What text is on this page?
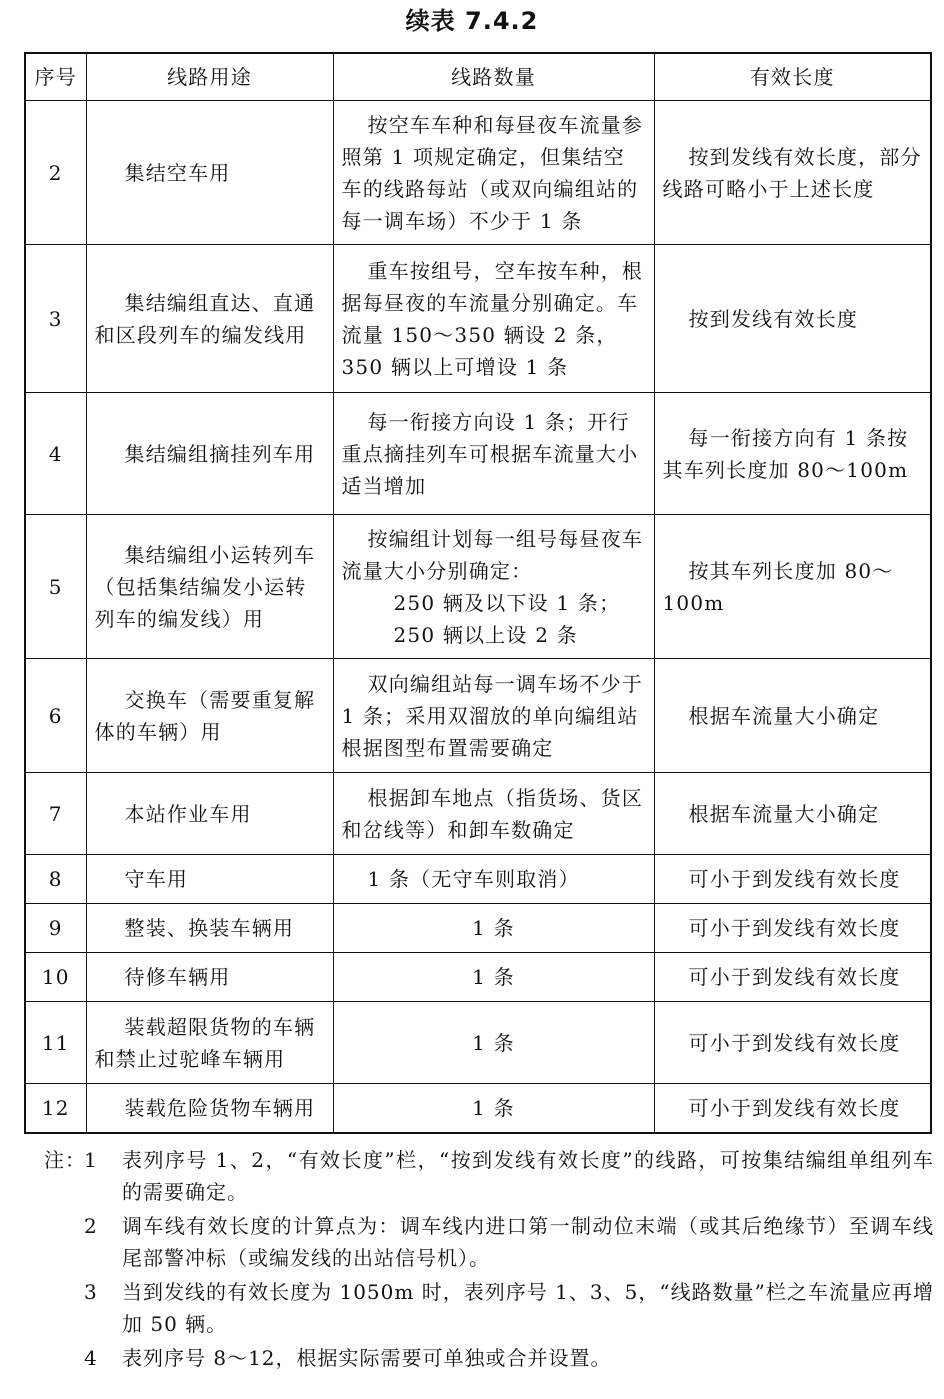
续表 7.4.2
序号	线路用途	线路数量	有效长度
2	集结空车用	按空车车种和每昼夜车流量参照第 1 项规定确定，但集结空车的线路每站（或双向编组站的每一调车场）不少于 1 条	按到发线有效长度，部分线路可略小于上述长度
3	集结编组直达、直通和区段列车的编发线用	重车按组号，空车按车种，根据每昼夜的车流量分别确定。车流量 150～350 辆设 2 条，350 辆以上可增设 1 条	按到发线有效长度
4	集结编组摘挂列车用	每一衔接方向设 1 条；开行重点摘挂列车可根据车流量大小适当增加	每一衔接方向有 1 条按其车列长度加 80～100m
5	集结编组小运转列车（包括集结编发小运转列车的编发线）用	按编组计划每一组号每昼夜车流量大小分别确定：
250 辆及以下设 1 条；
250 辆以上设 2 条	按其车列长度加 80～100m
6	交换车（需要重复解体的车辆）用	双向编组站每一调车场不少于 1 条；采用双溜放的单向编组站根据图型布置需要确定	根据车流量大小确定
7	本站作业车用	根据卸车地点（指货场、货区和岔线等）和卸车数确定	根据车流量大小确定
8	守车用	1 条（无守车则取消）	可小于到发线有效长度
9	整装、换装车辆用	1 条	可小于到发线有效长度
10	待修车辆用	1 条	可小于到发线有效长度
11	装载超限货物的车辆和禁止过驼峰车辆用	1 条	可小于到发线有效长度
12	装载危险货物车辆用	1 条	可小于到发线有效长度
注：
1	表列序号 1、2，“有效长度”栏，“按到发线有效长度”的线路，可按集结编组单组列车的需要确定。
2	调车线有效长度的计算点为：调车线内进口第一制动位末端（或其后绝缘节）至调车线尾部警冲标（或编发线的出站信号机）。
3	当到发线的有效长度为 1050m 时，表列序号 1、3、5，“线路数量”栏之车流量应再增加 50 辆。
4	表列序号 8～12，根据实际需要可单独或合并设置。
